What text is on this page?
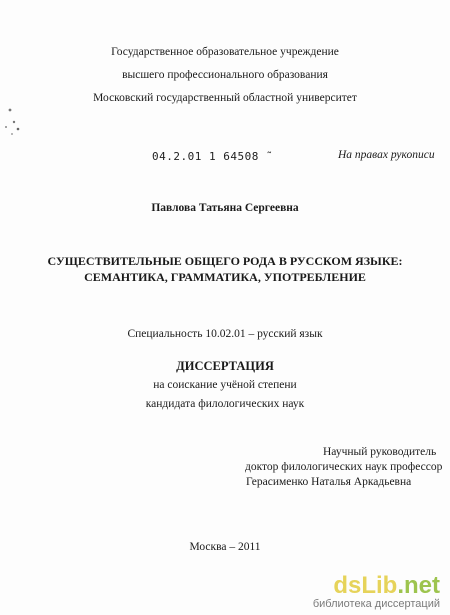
Государственное образовательное учреждение
высшего профессионального образования
Московский государственный областной университет
04.2.01 1 64508 ˜	На правах рукописи
Павлова Татьяна Сергеевна
СУЩЕСТВИТЕЛЬНЫЕ ОБЩЕГО РОДА В РУССКОМ ЯЗЫКЕ:
СЕМАНТИКА, ГРАММАТИКА, УПОТРЕБЛЕНИЕ
Специальность 10.02.01 – русский язык
ДИССЕРТАЦИЯ
на соискание учёной степени
кандидата филологических наук
Научный руководитель
доктор филологических наук профессор
Герасименко Наталья Аркадьевна
Москва – 2011
dsLib.net
библиотека диссертаций
